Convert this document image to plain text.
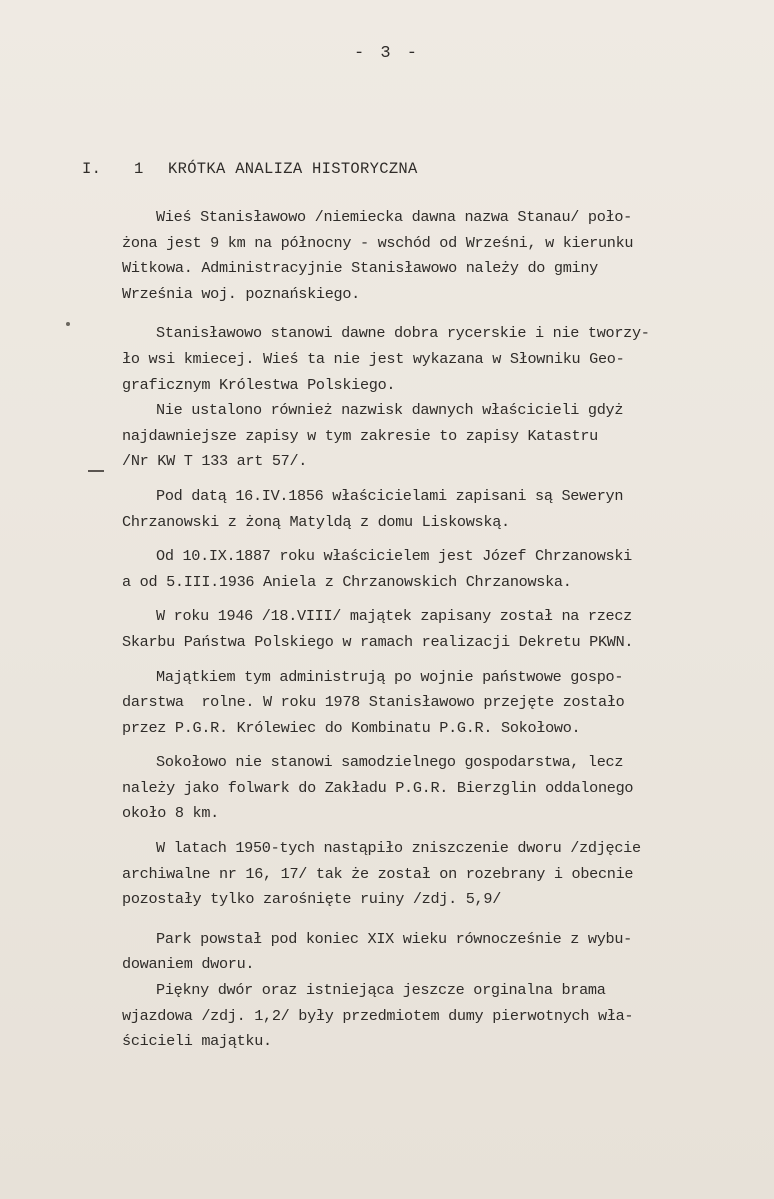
- 3 -
I. 1 KRÓTKA ANALIZA HISTORYCZNA
Wieś Stanisławowo /niemiecka dawna nazwa Stanau/ poło-
żona jest 9 km na północny - wschód od Wrześni, w kierunku
Witkowa. Administracyjnie Stanisławowo należy do gminy
Września woj. poznańskiego.
Stanisławowo stanowi dawne dobra rycerskie i nie tworzy-
ło wsi kmiecej. Wieś ta nie jest wykazana w Słowniku Geo-
graficznym Królestwa Polskiego.
Nie ustalono również nazwisk dawnych właścicieli gdyż
najdawniejsze zapisy w tym zakresie to zapisy Katastru
/Nr KW T 133 art 57/.
Pod datą 16.IV.1856 właścicielami zapisani są Seweryn
Chrzanowski z żoną Matyldą z domu Liskowską.
Od 10.IX.1887 roku właścicielem jest Józef Chrzanowski
a od 5.III.1936 Aniela z Chrzanowskich Chrzanowska.
W roku 1946 /18.VIII/ majątek zapisany został na rzecz
Skarbu Państwa Polskiego w ramach realizacji Dekretu PKWN.
Majątkiem tym administrują po wojnie państwowe gospo-
darstwa  rolne. W roku 1978 Stanisławowo przejęte zostało
przez P.G.R. Królewiec do Kombinatu P.G.R. Sokołowo.
Sokołowo nie stanowi samodzielnego gospodarstwa, lecz
należy jako folwark do Zakładu P.G.R. Bierzglin oddalonego
około 8 km.
W latach 1950-tych nastąpiło zniszczenie dworu /zdjęcie
archiwalne nr 16, 17/ tak że został on rozebrany i obecnie
pozostały tylko zarośnięte ruiny /zdj. 5,9/
Park powstał pod koniec XIX wieku równocześnie z wybu-
dowaniem dworu.
Piękny dwór oraz istniejąca jeszcze orginalna brama
wjazdowa /zdj. 1,2/ były przedmiotem dumy pierwotnych wła-
ścicieli majątku.
